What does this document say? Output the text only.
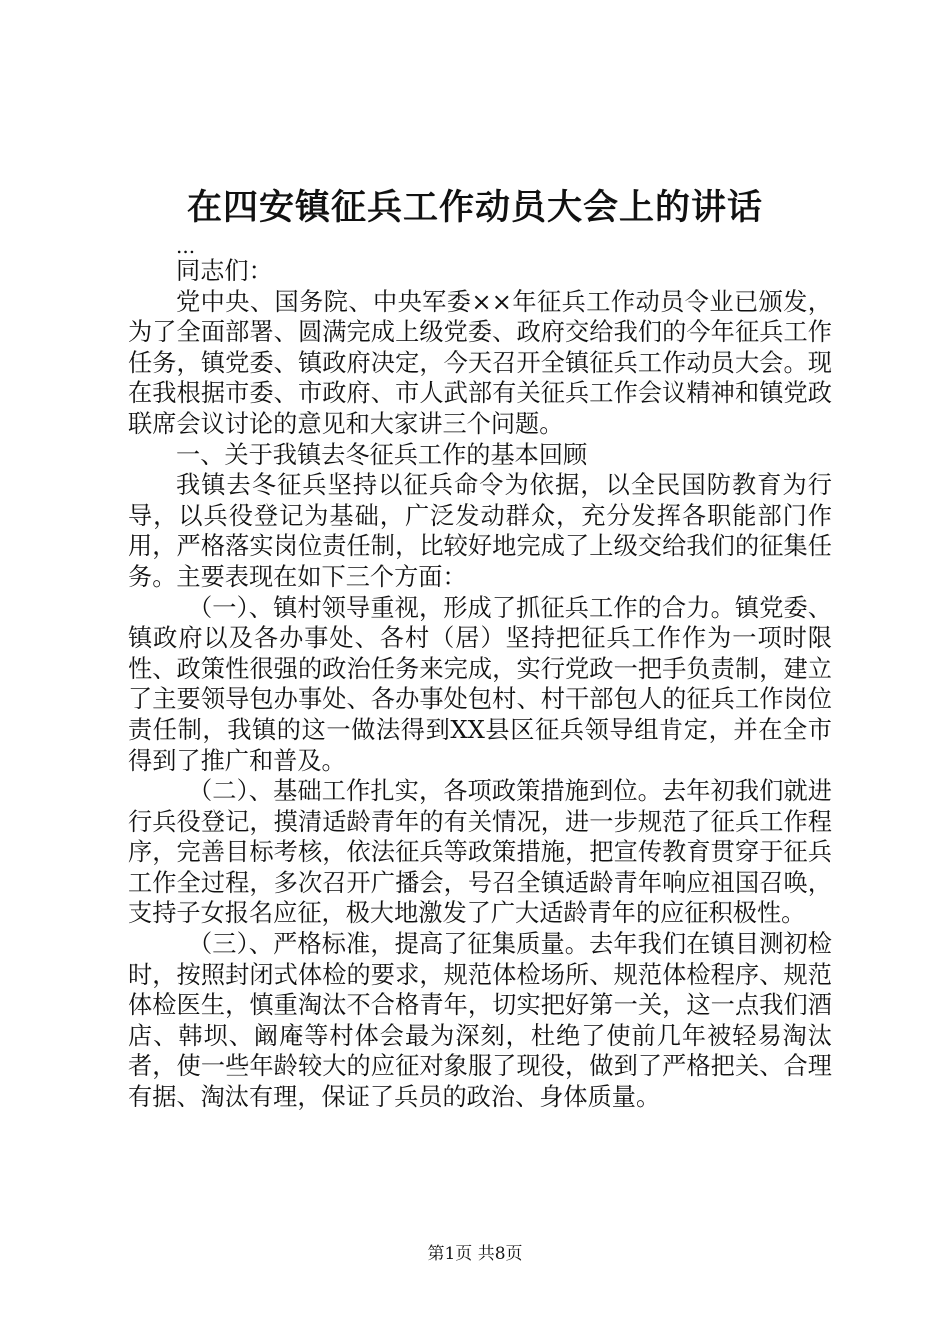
在四安镇征兵工作动员大会上的讲话

...

同志们：

党中央、国务院、中央军委××年征兵工作动员令业已颁发，为了全面部署、圆满完成上级党委、政府交给我们的今年征兵工作任务，镇党委、镇政府决定，今天召开全镇征兵工作动员大会。现在我根据市委、市政府、市人武部有关征兵工作会议精神和镇党政联席会议讨论的意见和大家讲三个问题。

一、关于我镇去冬征兵工作的基本回顾

我镇去冬征兵坚持以征兵命令为依据，以全民国防教育为行导，以兵役登记为基础，广泛发动群众，充分发挥各职能部门作用，严格落实岗位责任制，比较好地完成了上级交给我们的征集任务。主要表现在如下三个方面：

（一）、镇村领导重视，形成了抓征兵工作的合力。镇党委、镇政府以及各办事处、各村（居）坚持把征兵工作作为一项时限性、政策性很强的政治任务来完成，实行党政一把手负责制，建立了主要领导包办事处、各办事处包村、村干部包人的征兵工作岗位责任制，我镇的这一做法得到XX县区征兵领导组肯定，并在全市得到了推广和普及。

（二）、基础工作扎实，各项政策措施到位。去年初我们就进行兵役登记，摸清适龄青年的有关情况，进一步规范了征兵工作程序，完善目标考核，依法征兵等政策措施，把宣传教育贯穿于征兵工作全过程，多次召开广播会，号召全镇适龄青年响应祖国召唤，支持子女报名应征，极大地激发了广大适龄青年的应征积极性。

（三）、严格标准，提高了征集质量。去年我们在镇目测初检时，按照封闭式体检的要求，规范体检场所、规范体检程序、规范体检医生，慎重淘汰不合格青年，切实把好第一关，这一点我们酒店、韩坝、阚庵等村体会最为深刻，杜绝了使前几年被轻易淘汰者，使一些年龄较大的应征对象服了现役，做到了严格把关、合理有据、淘汰有理，保证了兵员的政治、身体质量。

第1页 共8页
